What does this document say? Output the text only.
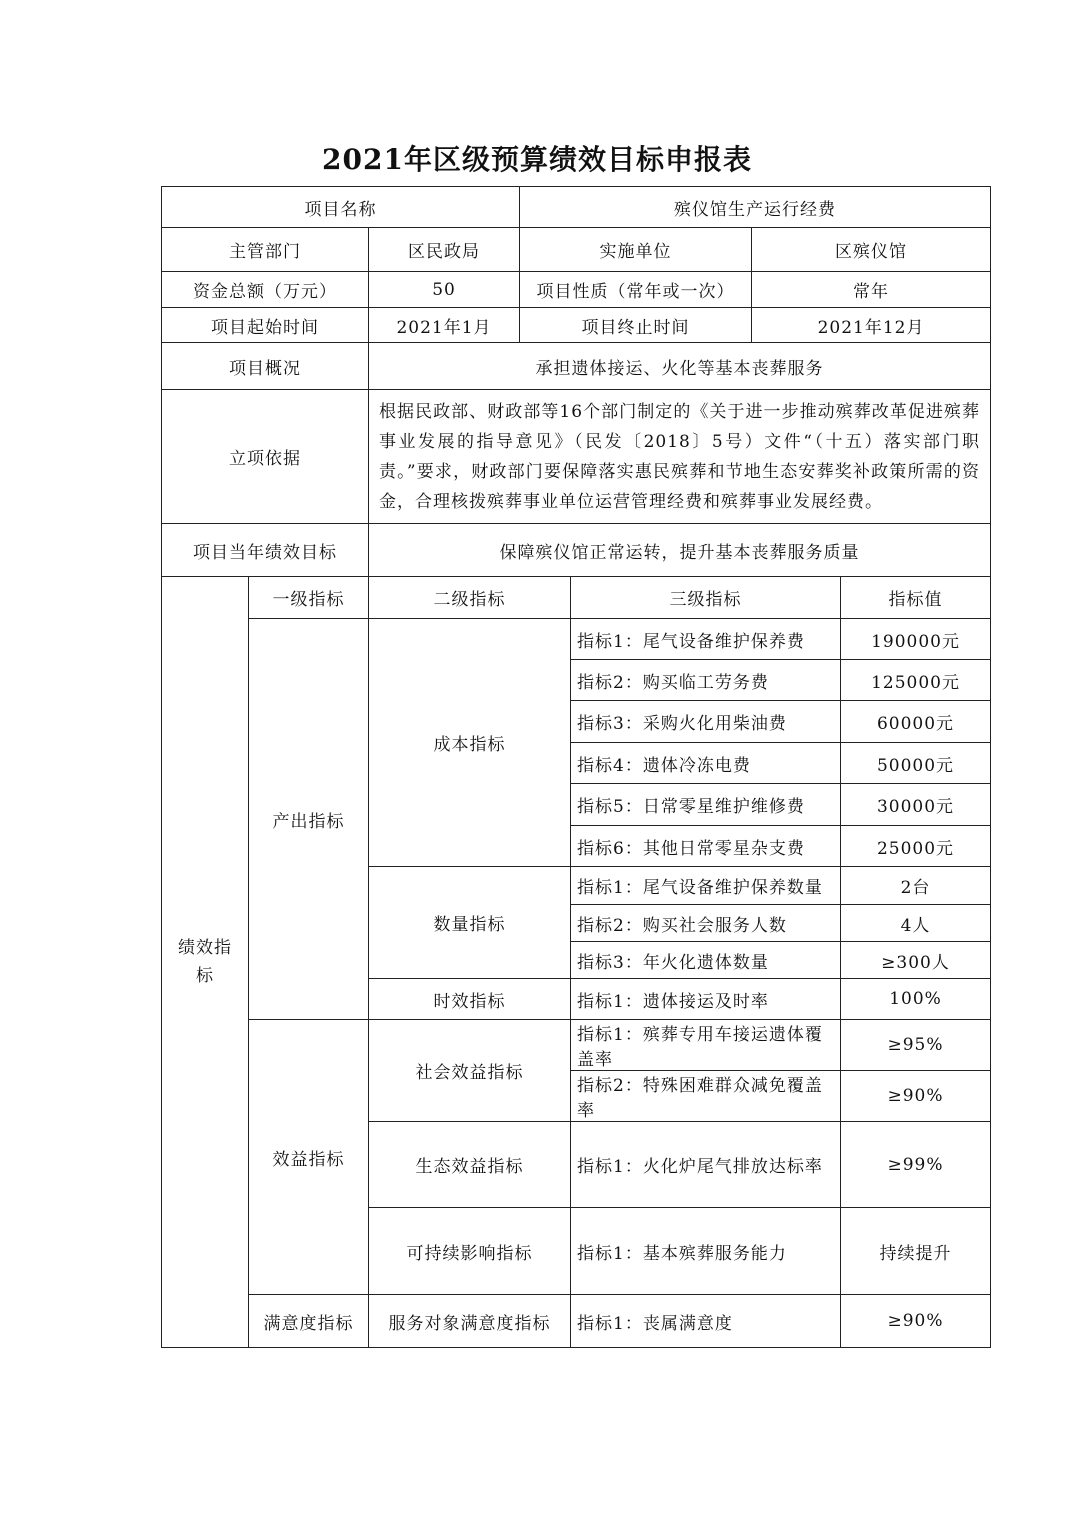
2021年区级预算绩效目标申报表
项目名称			殡仪馆生产运行经费			
主管部门		区民政局	实施单位		区殡仪馆	
资金总额（万元）		50	项目性质（常年或一次）		常年	
项目起始时间		2021年1月	项目终止时间		2021年12月	
项目概况		承担遗体接运、火化等基本丧葬服务				
立项依据		根据民政部、财政部等16个部门制定的《关于进一步推动殡葬改革促进殡葬事业发展的指导意见》（民发〔2018〕5号）文件“（十五）落实部门职责。”要求，财政部门要保障落实惠民殡葬和节地生态安葬奖补政策所需的资金，合理核拨殡葬事业单位运营管理经费和殡葬事业发展经费。				
项目当年绩效目标		保障殡仪馆正常运转，提升基本丧葬服务质量				
绩效指标	一级指标	二级指标		三级指标		指标值
	产出指标	成本指标		指标1：尾气设备维护保养费		190000元
				指标2：购买临工劳务费		125000元
				指标3：采购火化用柴油费		60000元
				指标4：遗体冷冻电费		50000元
				指标5：日常零星维护维修费		30000元
				指标6：其他日常零星杂支费		25000元
		数量指标		指标1：尾气设备维护保养数量		2台
				指标2：购买社会服务人数		4人
				指标3：年火化遗体数量		≥300人
		时效指标		指标1：遗体接运及时率		100%
	效益指标	社会效益指标		指标1：殡葬专用车接运遗体覆盖率		≥95%
				指标2：特殊困难群众减免覆盖率		≥90%
		生态效益指标		指标1：火化炉尾气排放达标率		≥99%
		可持续影响指标		指标1：基本殡葬服务能力		持续提升
	满意度指标	服务对象满意度指标		指标1：丧属满意度		≥90%
